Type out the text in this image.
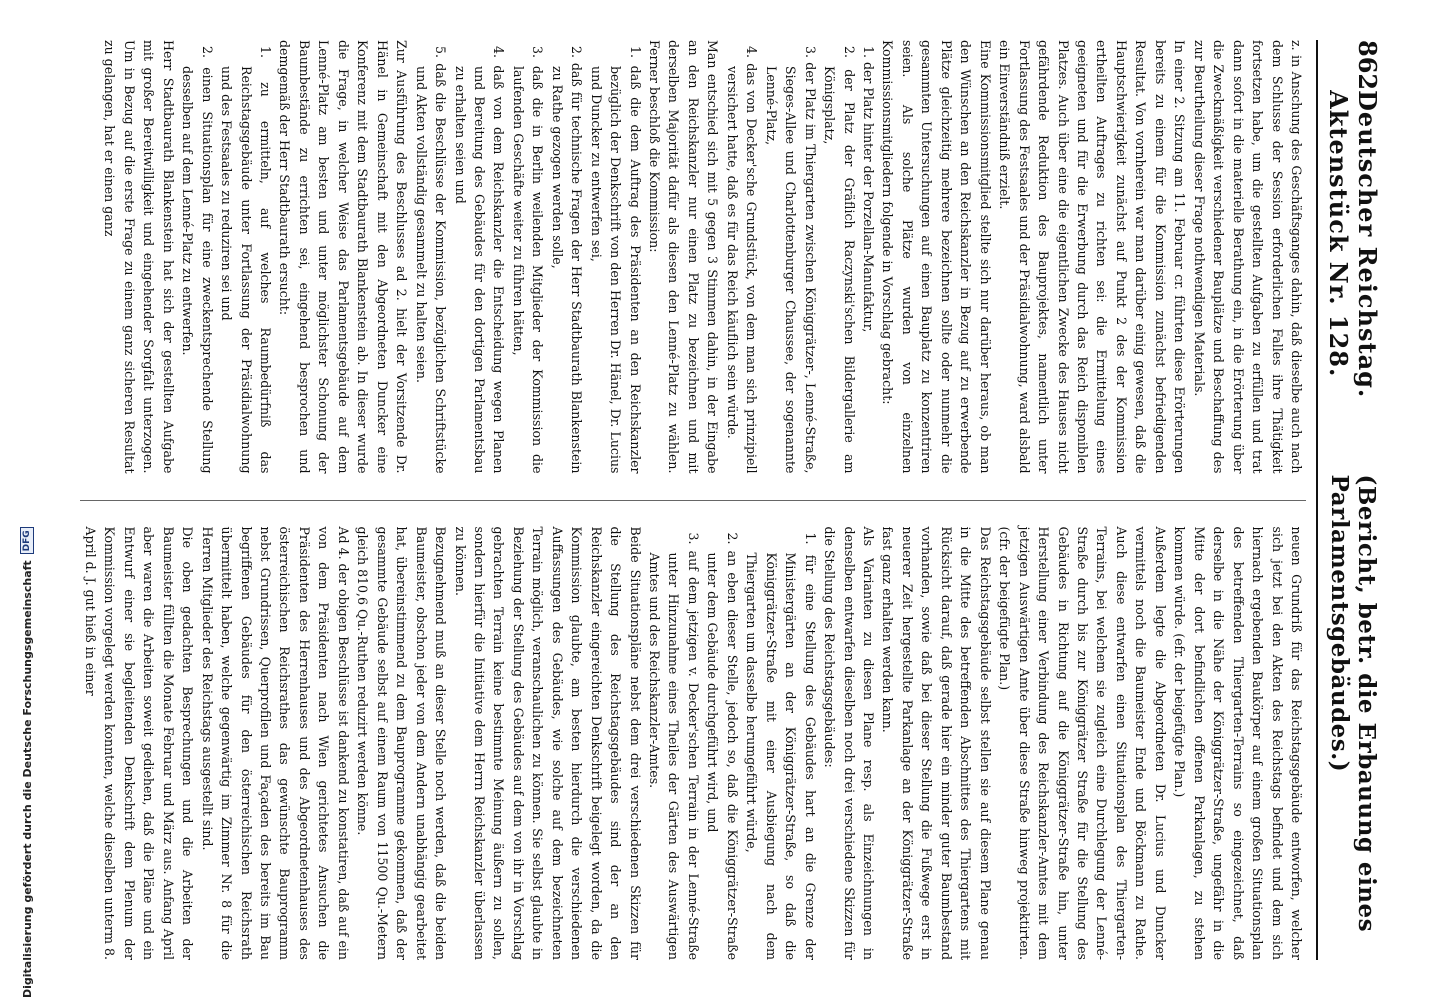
862
Deutscher Reichstag. Aktenstück Nr. 128.
(Bericht, betr. die Erbauung eines Parlamentsgebäudes.)

z. in Anschung des Geschäftsganges dahin, daß dieselbe auch nach dem Schlusse der Session erforderlichen Falles ihre Thätigkeit fortsetzen habe, um die gestellten Aufgaben zu erfüllen und trat dann sofort in die materielle Berathung ein, in die Erörterung über die Zweckmäßigkeit verschiedener Bauplätze und Beschaffung des zur Beurtheilung dieser Frage nothwendigen Materials.

In einer 2. Sitzung am 11. Februar cr. führten diese Erörterungen bereits zu einem für die Kommission zunächst befriedigenden Resultat. Von vornherein war man darüber einig gewesen, daß die Hauptschwierigkeit zunächst auf Punkt 2 des der Kommission ertheilten Auftrages zu richten sei: die Ermittelung eines geeigneten und für die Erwerbung durch das Reich disponiblen Platzes. Auch über eine die eigentlichen Zwecke des Hauses nicht gefährdende Reduktion des Bauprojektes, namentlich unter Fortlassung des Festsaales und der Präsidialwohnung, ward alsbald ein Einverständniß erzielt.

Eine Kommissionsmitglied stellte sich nur darüber heraus, ob man den Wünschen an den Reichskanzler in Bezug auf zu erwerbende Plätze gleichzeitig mehrere bezeichnen sollte oder nunmehr die gesammten Untersuchungen auf einen Bauplatz zu konzentriren seien. Als solche Plätze wurden von einzelnen Kommissionsmitgliedern folgende in Vorschlag gebracht:

1. der Platz hinter der Porzellan-Manufaktur,

2. der Platz der Gräflich Raczynski'schen Bildergallerie am Königsplatz,

3. der Platz im Thiergarten zwischen Königgrätzer-, Lenné-Straße, Sieges-Allee und Charlottenburger Chaussee, der sogenannte Lenné-Platz,

4. das von Decker'sche Grundstück, von dem man sich prinzipiell versichert hatte, daß es für das Reich käuflich sein würde.

Man entschied sich mit 5 gegen 3 Stimmen dahin, in der Eingabe an den Reichskanzler nur einen Platz zu bezeichnen und mit derselben Majorität dafür als diesen den Lenné-Platz zu wählen. Ferner beschloß die Kommission:

1. daß die dem Auftrag des Präsidenten an den Reichskanzler bezüglich der Denkschrift von den Herren Dr. Hänel, Dr. Lucius und Duncker zu entwerfen sei,

2. daß für technische Fragen der Herr Stadtbaurath Blankenstein zu Rathe gezogen werden solle,

3. daß die in Berlin weilenden Mitglieder der Kommission die laufenden Geschäfte weiter zu führen hätten,

4. daß von dem Reichskanzler die Entscheidung wegen Planen und Bereitung des Gebäudes für den dortigen Parlamentsbau zu erhalten seien und

5. daß die Beschlüsse der Kommission, bezüglichen Schriftstücke und Akten vollständig gesammelt zu halten seien.

Zur Ausführung des Beschlusses ad 2. hielt der Vorsitzende Dr. Hänel in Gemeinschaft mit den Abgeordneten Duncker eine Konferenz mit dem Stadtbaurath Blankenstein ab. In dieser wurde die Frage, in welcher Weise das Parlamentsgebäude auf dem Lenné-Platz am besten und unter möglichster Schonung der Baumbestände zu errichten sei, eingehend besprochen und demgemäß der Herr Stadtbaurath ersucht:

1. zu ermitteln, auf welches Raumbedürfniß das Reichstagsgebäude unter Fortlassung der Präsidialwohnung und des Festsaales zu reduziren sei und

2. einen Situationsplan für eine zweckentsprechende Stellung desselben auf dem Lenné-Platz zu entwerfen.

Herr Stadtbaurath Blankenstein hat sich der gestellten Aufgabe mit großer Bereitwilligkeit und eingehender Sorgfalt unterzogen. Um in Bezug auf die erste Frage zu einem ganz sicheren Resultat zu gelangen, hat er einen ganz

neuen Grundriß für das Reichstagsgebäude entworfen, welcher sich jetzt bei den Akten des Reichstags befindet und dem sich hiernach ergebenden Baukörper auf einem großen Situationsplan des betreffenden Thiergarten-Terrains so eingezeichnet, daß derselbe in die Nähe der Königgrätzer-Straße, ungefähr in die Mitte der dort befindlichen offenen Parkanlagen, zu stehen kommen würde. (efr. der beigefügte Plan.)

Außerdem legte die Abgeordneten Dr. Lucius und Duncker vermittels noch die Baumeister Ende und Böckmann zu Rathe. Auch diese entwarfen einen Situationsplan des Thiergarten-Terrains, bei welchem sie zugleich eine Durchlegung der Lenné-Straße durch bis zur Königgrätzer Straße für die Stellung des Gebäudes in Richtung auf die Königgrätzer-Straße hin, unter Herstellung einer Verbindung des Reichskanzler-Amtes mit dem jetzigen Auswärtigen Amte über diese Straße hinweg projektirten. (cfr. der beigefügte Plan.)

Das Reichstagsgebäude selbst stellen sie auf diesem Plane genau in die Mitte des betreffenden Abschnittes des Thiergartens mit Rücksicht darauf, daß gerade hier ein minder guter Baumbestand vorhanden, sowie daß bei dieser Stellung die Fußwege erst in neuerer Zeit hergestellte Parkanlage an der Königgrätzer-Straße fast ganz erhalten werden kann.

Als Varianten zu diesen Plane resp. als Einzeichnungen in denselben entwarfen dieselben noch drei verschiedene Skizzen für die Stellung des Reichstagsgebäudes:

1. für eine Stellung des Gebäudes hart an die Grenze der Ministergärten an der Königgrätzer-Straße, so daß die Königgrätzer-Straße mit einer Ausbiegung nach dem Thiergarten um dasselbe herumgeführt würde,

2. an eben dieser Stelle, jedoch so, daß die Königgrätzer-Straße unter dem Gebäude durchgeführt wird, und

3. auf dem jetzigen v. Decker'schen Terrain in der Lenné-Straße unter Hinzunahme eines Theiles der Gärten des Auswärtigen Amtes und des Reichskanzler-Amtes.

Beide Situationspläne nebst dem drei verschiedenen Skizzen für die Stellung des Reichstagsgebäudes sind der an den Reichskanzler eingereichten Denkschrift beigelegt worden, da die Kommission glaubte, am besten hierdurch die verschiedenen Auffassungen des Gebäudes, wie solche auf dem bezeichneten Terrain möglich, veranschaulichen zu können. Sie selbst glaubte in Beziehung der Stellung des Gebäudes auf dem von ihr in Vorschlag gebrachten Terrain keine bestimmte Meinung äußern zu sollen, sondern hierfür die Initiative dem Herrn Reichskanzler überlassen zu können.

Bezugnehmend muß an dieser Stelle noch werden, daß die beiden Baumeister, obschon jeder von dem Andern unabhängig gearbeitet hat, übereinstimmend zu dem Bauprogramme gekommen, daß der gesammte Gebäude selbst auf einem Raum von 11500 Qu.-Metern gleich 810,6 Qu.-Ruthen reduzirt werden könne.

Ad 4. der obigen Beschlüsse ist dankend zu konstatiren, daß auf ein von dem Präsidenten nach Wien gerichtetes Ansuchen die Präsidenten des Herrenhauses und des Abgeordnetenhauses des österreichischen Reichsrathes das gewünschte Bauprogramm nebst Grundrissen, Querprofilen und Façaden des bereits im Bau begriffenen Gebäudes für den österreichischen Reichsrath übermittelt haben, welche gegenwärtig im Zimmer Nr. 8 für die Herren Mitglieder des Reichstags ausgestellt sind.

Die oben gedachten Besprechungen und die Arbeiten der Baumeister füllten die Monate Februar und März aus. Anfang April aber waren die Arbeiten soweit gediehen, daß die Pläne und ein Entwurf einer sie begleitenden Denkschrift dem Plenum der Kommission vorgelegt werden konnten, welche dieselben unterm 8. April d. J. gut hieß in einer

Digitalisierung gefördert durch die Deutsche Forschungsgemeinschaft
DFG
